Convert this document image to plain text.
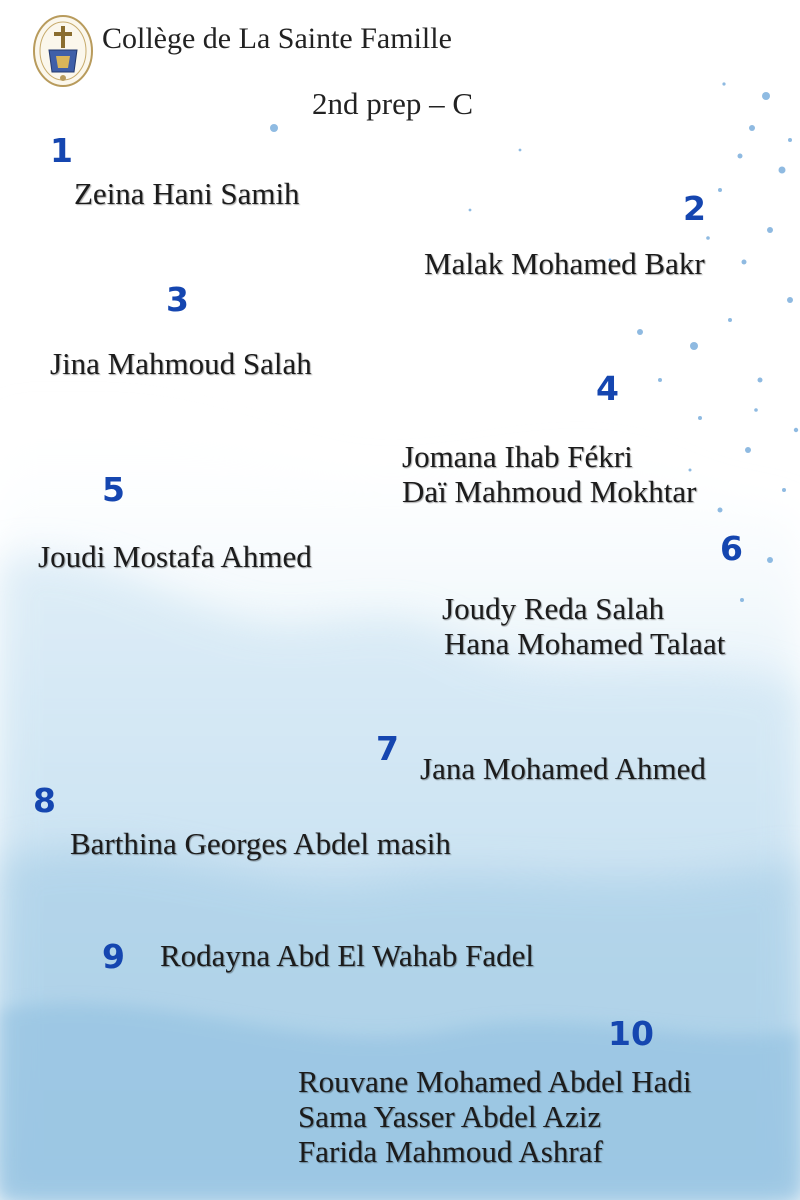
Collège de La Sainte Famille
2nd prep – C
1
Zeina Hani Samih	2
Malak Mohamed Bakr
3
Jina Mahmoud Salah
4
Jomana Ihab Fékri
Daï Mahmoud Mokhtar
5
Joudi Mostafa Ahmed	6
Joudy Reda Salah
Hana Mohamed Talaat
7
Jana Mohamed Ahmed
8
Barthina Georges Abdel masih
9 Rodayna Abd El Wahab Fadel
10
Rouvane Mohamed Abdel Hadi
Sama Yasser Abdel Aziz
Farida Mahmoud Ashraf
